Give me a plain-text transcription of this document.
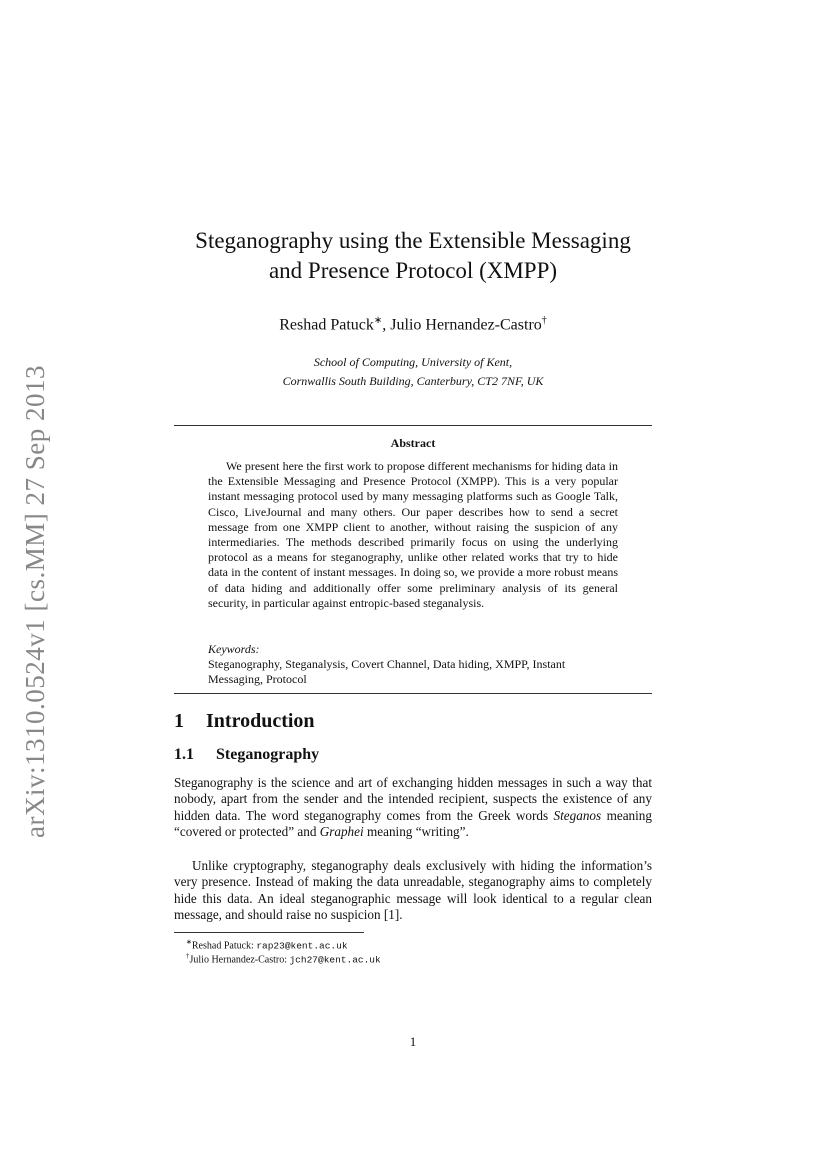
arXiv:1310.0524v1 [cs.MM] 27 Sep 2013
Steganography using the Extensible Messaging
and Presence Protocol (XMPP)
Reshad Patuck∗, Julio Hernandez-Castro†
School of Computing, University of Kent,
Cornwallis South Building, Canterbury, CT2 7NF, UK
Abstract

We present here the first work to propose different mechanisms for hiding data in the Extensible Messaging and Presence Protocol (XMPP). This is a very popular instant messaging protocol used by many messaging platforms such as Google Talk, Cisco, LiveJournal and many others. Our paper describes how to send a secret message from one XMPP client to another, without raising the suspicion of any intermediaries. The methods described primarily focus on using the underlying protocol as a means for steganography, unlike other related works that try to hide data in the content of instant messages. In doing so, we provide a more robust means of data hiding and additionally offer some preliminary analysis of its general security, in particular against entropic-based steganalysis.

Keywords:

Steganography, Steganalysis, Covert Channel, Data hiding, XMPP, Instant Messaging, Protocol

1 Introduction
1.1 Steganography

Steganography is the science and art of exchanging hidden messages in such a way that nobody, apart from the sender and the intended recipient, suspects the existence of any hidden data. The word steganography comes from the Greek words Steganos meaning “covered or protected” and Graphei meaning “writing”.

Unlike cryptography, steganography deals exclusively with hiding the information’s very presence. Instead of making the data unreadable, steganography aims to completely hide this data. An ideal steganographic message will look identical to a regular clean message, and should raise no suspicion [1].

∗Reshad Patuck: rap23@kent.ac.uk
†Julio Hernandez-Castro: jch27@kent.ac.uk
1
